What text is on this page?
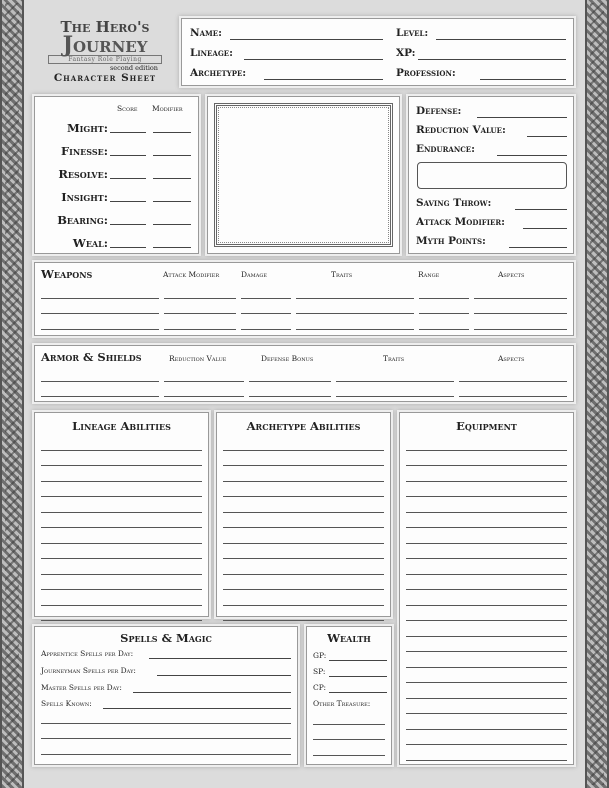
The Hero's
Journey
Fantasy Role Playing
second edition
Character Sheet
Name:
Lineage:
Archetype:
Level:
XP:
Profession:
Score Modifier
Might:
Finesse:
Resolve:
Insight:
Bearing:
Weal:
Defense:
Reduction Value:
Endurance:
Saving Throw:
Attack Modifier:
Myth Points:
Weapons	Attack Modifier	Damage	Traits	Range	Aspects
Armor & Shields	Reduction Value	Defense Bonus	Traits	Aspects
Lineage Abilities	Archetype Abilities	Equipment
Spells & Magic
Apprentice Spells per Day:
Journeyman Spells per Day:
Master Spells per Day:
Spells Known:
Wealth
GP:
SP:
CP:
Other Treasure:
